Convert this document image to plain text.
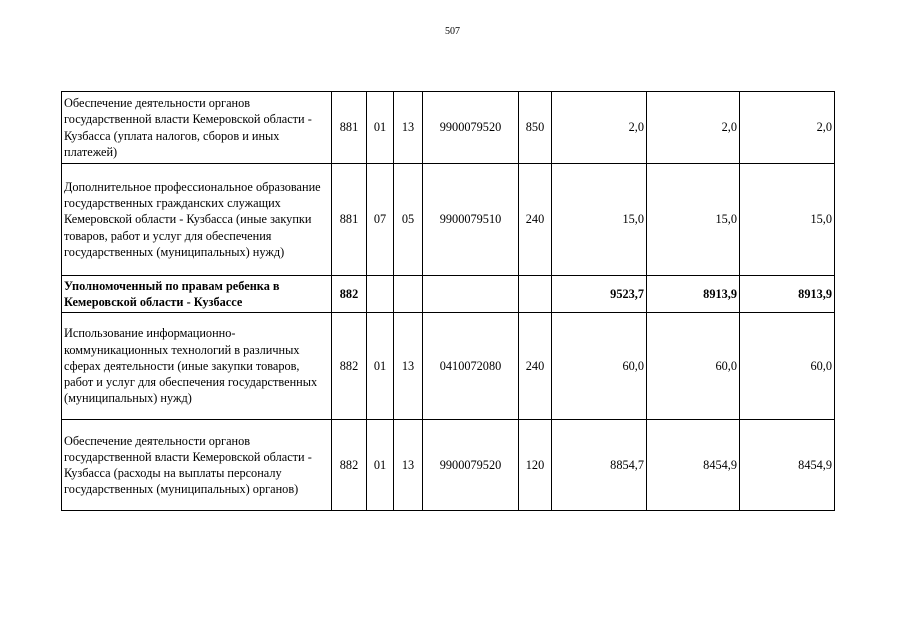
507
Обеспечение деятельности органов государственной власти Кемеровской области - Кузбасса (уплата налогов, сборов и иных платежей)	881	01	13	9900079520	850	2,0	2,0	2,0
Дополнительное профессиональное образование государственных гражданских служащих Кемеровской области - Кузбасса (иные закупки товаров, работ и услуг для обеспечения государственных (муниципальных) нужд)	881	07	05	9900079510	240	15,0	15,0	15,0
Уполномоченный по правам ребенка в Кемеровской области - Кузбассе	882					9523,7	8913,9	8913,9
Использование информационно-коммуникационных технологий в различных сферах деятельности (иные закупки товаров, работ и услуг для обеспечения государственных (муниципальных) нужд)	882	01	13	0410072080	240	60,0	60,0	60,0
Обеспечение деятельности органов государственной власти Кемеровской области - Кузбасса (расходы на выплаты персоналу государственных (муниципальных) органов)	882	01	13	9900079520	120	8854,7	8454,9	8454,9
